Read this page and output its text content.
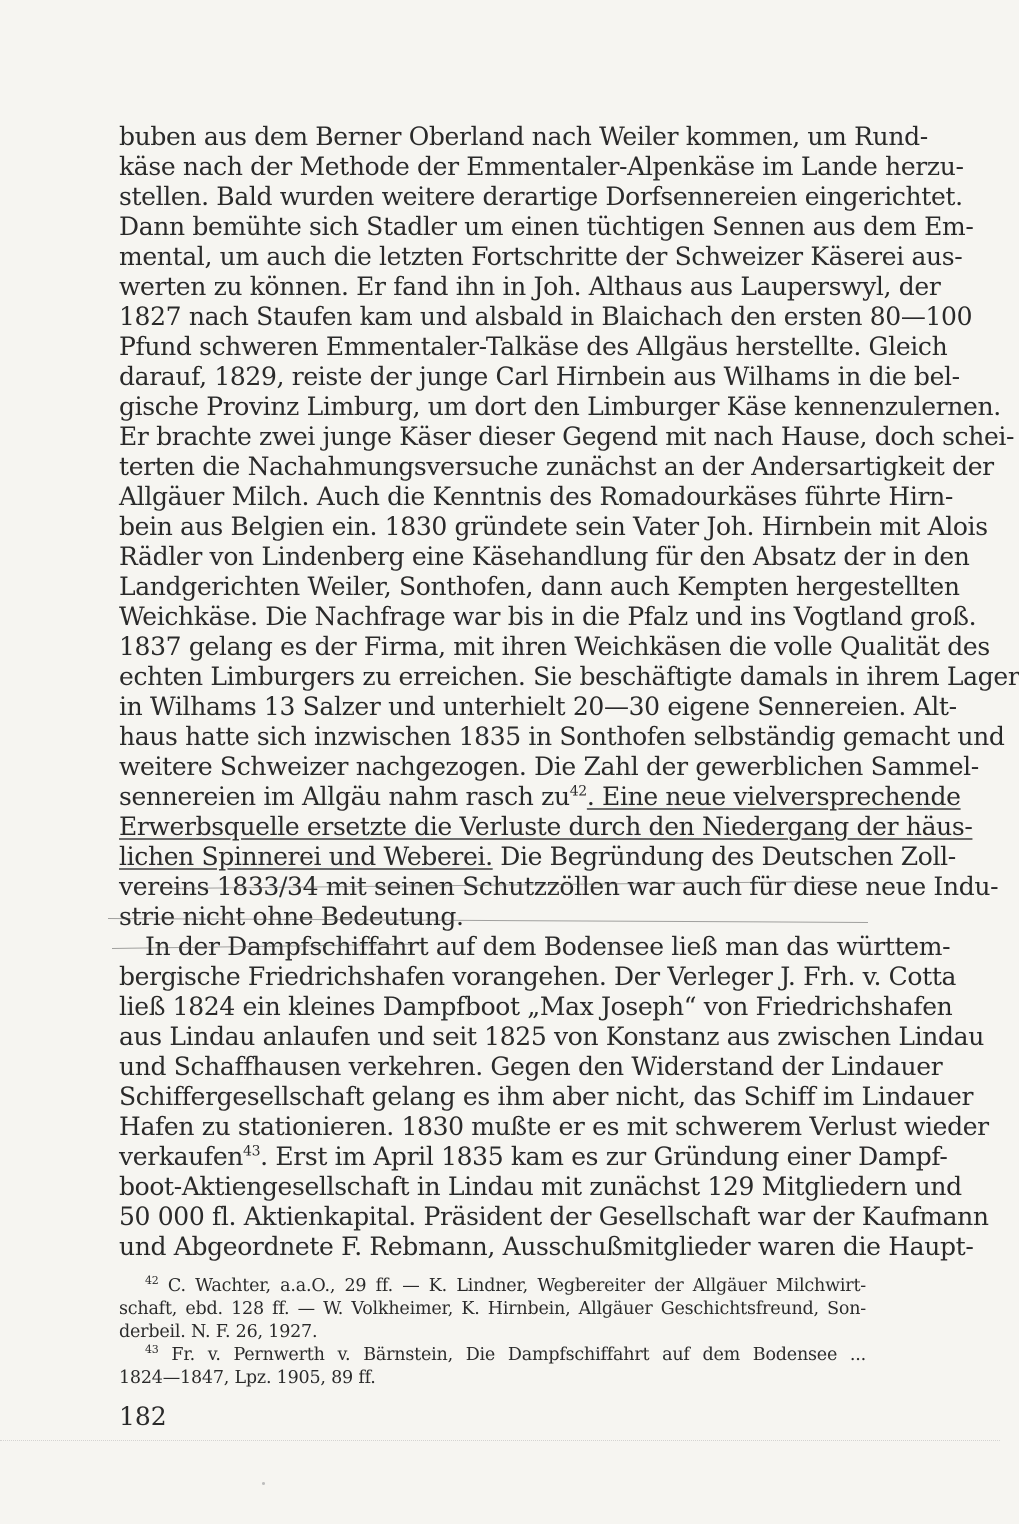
buben aus dem Berner Oberland nach Weiler kommen, um Rund-
käse nach der Methode der Emmentaler-Alpenkäse im Lande herzu-
stellen. Bald wurden weitere derartige Dorfsennereien eingerichtet.
Dann bemühte sich Stadler um einen tüchtigen Sennen aus dem Em-
mental, um auch die letzten Fortschritte der Schweizer Käserei aus-
werten zu können. Er fand ihn in Joh. Althaus aus Lauperswyl, der
1827 nach Staufen kam und alsbald in Blaichach den ersten 80—100
Pfund schweren Emmentaler-Talkäse des Allgäus herstellte. Gleich
darauf, 1829, reiste der junge Carl Hirnbein aus Wilhams in die bel-
gische Provinz Limburg, um dort den Limburger Käse kennenzulernen.
Er brachte zwei junge Käser dieser Gegend mit nach Hause, doch schei-
terten die Nachahmungsversuche zunächst an der Andersartigkeit der
Allgäuer Milch. Auch die Kenntnis des Romadourkäses führte Hirn-
bein aus Belgien ein. 1830 gründete sein Vater Joh. Hirnbein mit Alois
Rädler von Lindenberg eine Käsehandlung für den Absatz der in den
Landgerichten Weiler, Sonthofen, dann auch Kempten hergestellten
Weichkäse. Die Nachfrage war bis in die Pfalz und ins Vogtland groß.
1837 gelang es der Firma, mit ihren Weichkäsen die volle Qualität des
echten Limburgers zu erreichen. Sie beschäftigte damals in ihrem Lager
in Wilhams 13 Salzer und unterhielt 20—30 eigene Sennereien. Alt-
haus hatte sich inzwischen 1835 in Sonthofen selbständig gemacht und
weitere Schweizer nachgezogen. Die Zahl der gewerblichen Sammel-
sennereien im Allgäu nahm rasch $zu^{42}$. Eine neue vielversprechende
Erwerbsquelle ersetzte die Verluste durch den Niedergang der häus-
lichen Spinnerei und Weberei. Die Begründung des Deutschen Zoll-
vereins 1833/34 mit seinen Schutzzöllen war auch für diese neue Indu-
strie nicht ohne Bedeutung.
In der Dampfschiffahrt auf dem Bodensee ließ man das württem-
bergische Friedrichshafen vorangehen. Der Verleger J. Frh. v. Cotta
ließ 1824 ein kleines Dampfboot „Max Joseph“ von Friedrichshafen
aus Lindau anlaufen und seit 1825 von Konstanz aus zwischen Lindau
und Schaffhausen verkehren. Gegen den Widerstand der Lindauer
Schiffergesellschaft gelang es ihm aber nicht, das Schiff im Lindauer
Hafen zu stationieren. 1830 mußte er es mit schwerem Verlust wieder
verkaufen$^{43}$. Erst im April 1835 kam es zur Gründung einer Dampf-
boot-Aktiengesellschaft in Lindau mit zunächst 129 Mitgliedern und
50 000 fl. Aktienkapital. Präsident der Gesellschaft war der Kaufmann
und Abgeordnete F. Rebmann, Ausschußmitglieder waren die Haupt-
$^{42}$ C. Wachter, a.a.O., 29 ff. — K. Lindner, Wegbereiter der Allgäuer Milchwirt-
schaft, ebd. 128 ff. — W. Volkheimer, K. Hirnbein, Allgäuer Geschichtsfreund, Son-
derbeil. N. F. 26, 1927.
$^{43}$ Fr. v. Pernwerth v. Bärnstein, Die Dampfschiffahrt auf dem Bodensee ...
1824—1847, Lpz. 1905, 89 ff.
182
